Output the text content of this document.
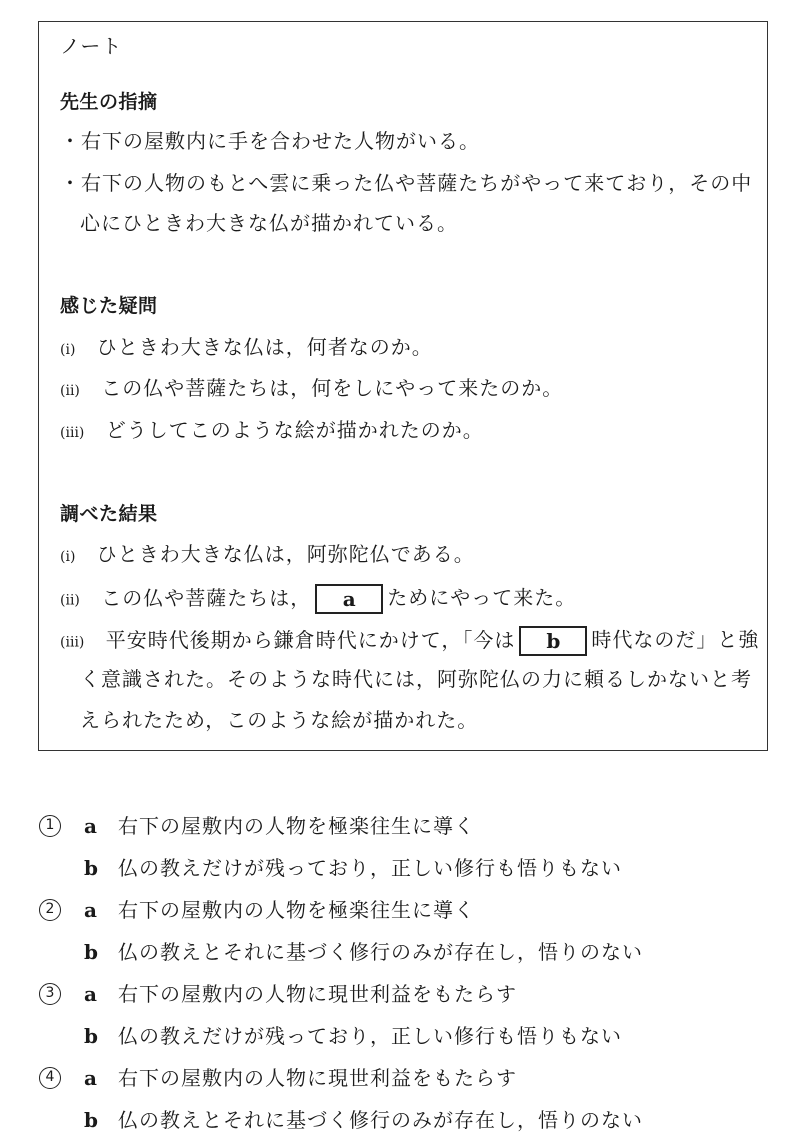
ノート
先生の指摘
・右下の屋敷内に手を合わせた人物がいる。
・右下の人物のもとへ雲に乗った仏や菩薩たちがやって来ており，その中
心にひときわ大きな仏が描かれている。
感じた疑問
(ⅰ) ひときわ大きな仏は，何者なのか。
(ⅱ) この仏や菩薩たちは，何をしにやって来たのか。
(ⅲ) どうしてこのような絵が描かれたのか。
調べた結果
(ⅰ) ひときわ大きな仏は，阿弥陀仏である。
(ⅱ) この仏や菩薩たちは， a ためにやって来た。
(ⅲ) 平安時代後期から鎌倉時代にかけて，「今は b 時代なのだ」と強
く意識された。そのような時代には，阿弥陀仏の力に頼るしかないと考
えられたため，このような絵が描かれた。
1	a 右下の屋敷内の人物を極楽往生に導く
b 仏の教えだけが残っており，正しい修行も悟りもない
2	a 右下の屋敷内の人物を極楽往生に導く
b 仏の教えとそれに基づく修行のみが存在し，悟りのない
3	a 右下の屋敷内の人物に現世利益をもたらす
b 仏の教えだけが残っており，正しい修行も悟りもない
4	a 右下の屋敷内の人物に現世利益をもたらす
b 仏の教えとそれに基づく修行のみが存在し，悟りのない
